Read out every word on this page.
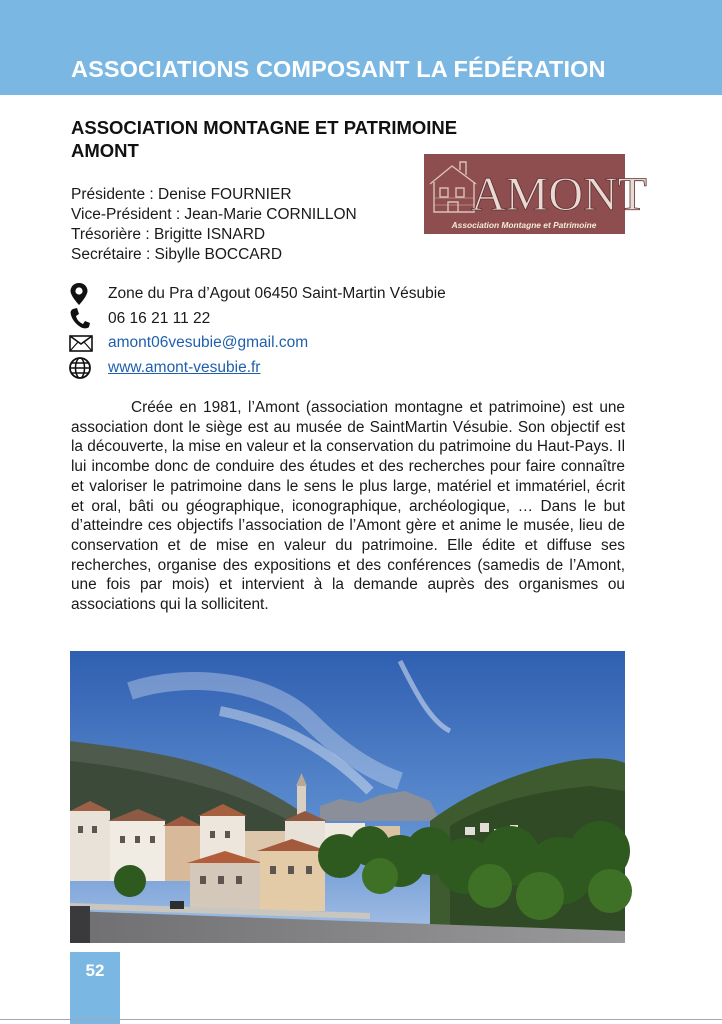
ASSOCIATIONS COMPOSANT LA FÉDÉRATION
ASSOCIATION MONTAGNE ET PATRIMOINE
AMONT
AMONT
Association Montagne et Patrimoine
Présidente : Denise FOURNIER
Vice-Président : Jean-Marie CORNILLON
Trésorière : Brigitte ISNARD
Secrétaire : Sibylle BOCCARD
Zone du Pra d’Agout 06450 Saint-Martin Vésubie
06 16 21 11 22
amont06vesubie@gmail.com
www.amont-vesubie.fr

Créée en 1981, l’Amont (association montagne et patrimoine) est une association dont le siège est au musée de SaintMartin Vésubie. Son objectif est la découverte, la mise en valeur et la conservation du patrimoine du Haut-Pays. Il lui incombe donc de conduire des études et des recherches pour faire connaître et valoriser le patrimoine dans le sens le plus large, matériel et immatériel, écrit et oral, bâti ou géographique, iconographique, archéologique, … Dans le but d’atteindre ces objectifs l’association de l’Amont gère et anime le musée, lieu de conservation et de mise en valeur du patrimoine. Elle édite et diffuse ses recherches, organise des expositions et des conférences (samedis de l’Amont, une fois par mois) et intervient à la demande auprès des organismes ou associations qui la sollicitent.

52
